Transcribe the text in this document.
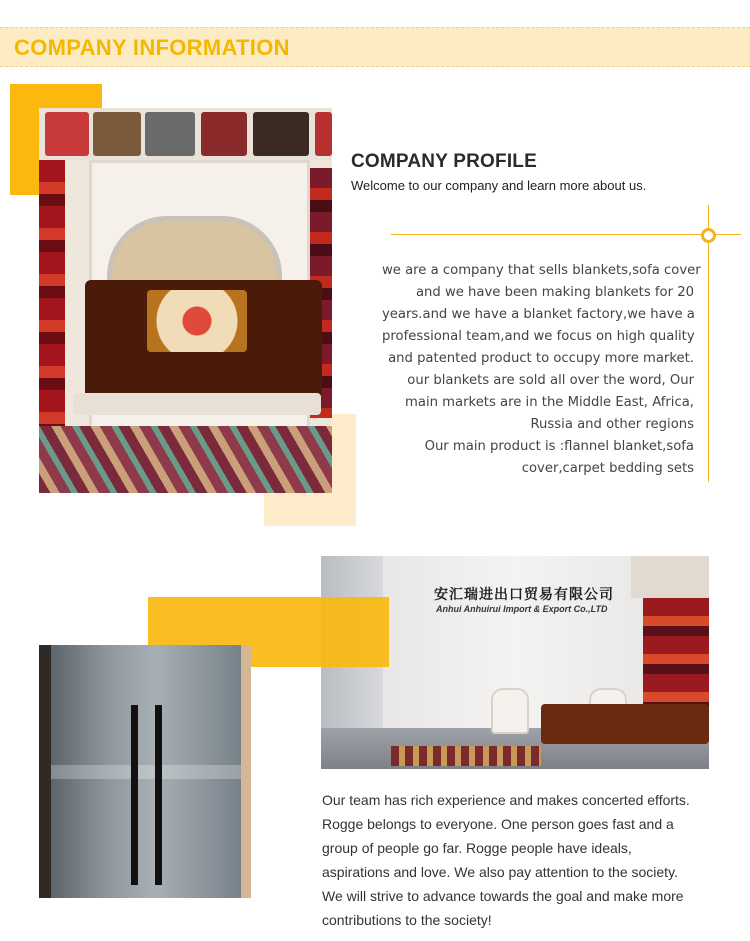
COMPANY INFORMATION
COMPANY PROFILE
Welcome to our company and learn more about us.

we are a company that sells blankets,sofa cover

and we have been making blankets for 20

years.and we have a blanket factory,we have a

professional team,and we focus on high quality

and patented product to occupy more market.

our blankets are sold all over the word, Our

main markets are in the Middle East, Africa,

Russia and other regions

Our main product is :flannel blanket,sofa

cover,carpet bedding sets

安汇瑞进出口贸易有限公司
Anhui Anhuirui Import & Export Co.,LTD

Our team has rich experience and makes concerted efforts.

Rogge belongs to everyone. One person goes fast and a

group of people go far. Rogge people have ideals,

aspirations and love. We also pay attention to the society.

We will strive to advance towards the goal and make more

contributions to the society!
